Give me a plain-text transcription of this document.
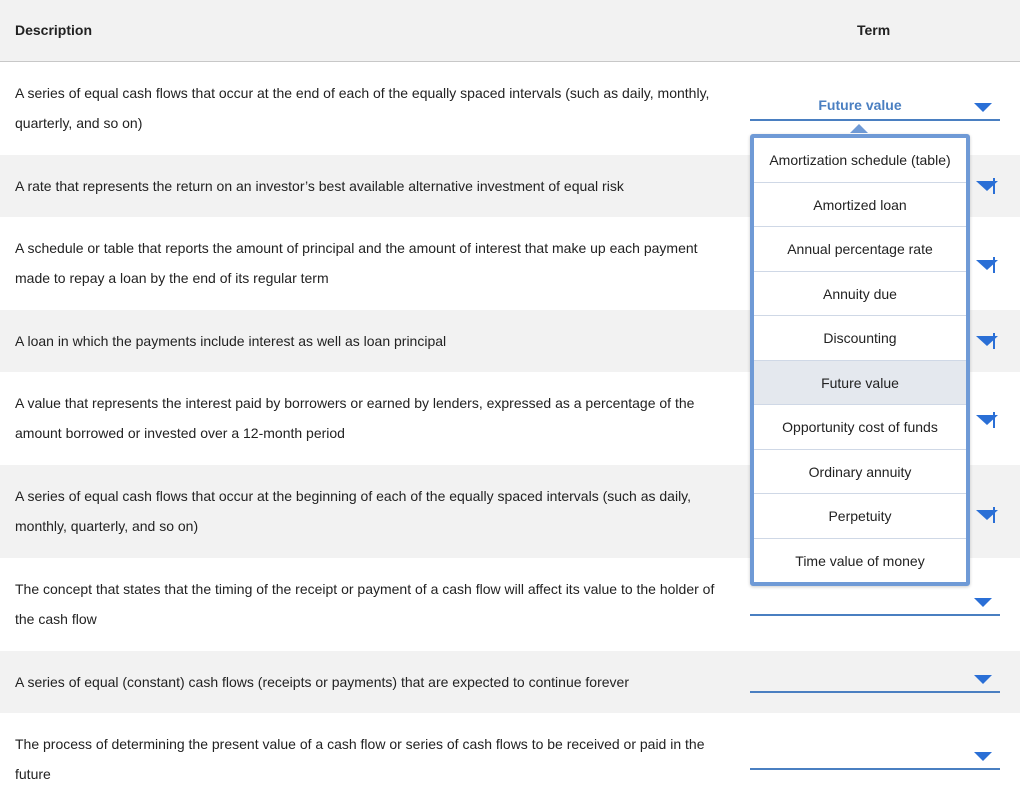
Description	Term
A series of equal cash flows that occur at the end of each of the equally spaced intervals (such as daily, monthly, quarterly, and so on)
Future value
A rate that represents the return on an investor’s best available alternative investment of equal risk
A schedule or table that reports the amount of principal and the amount of interest that make up each payment made to repay a loan by the end of its regular term
A loan in which the payments include interest as well as loan principal
A value that represents the interest paid by borrowers or earned by lenders, expressed as a percentage of the amount borrowed or invested over a 12-month period
A series of equal cash flows that occur at the beginning of each of the equally spaced intervals (such as daily, monthly, quarterly, and so on)
The concept that states that the timing of the receipt or payment of a cash flow will affect its value to the holder of the cash flow
A series of equal (constant) cash flows (receipts or payments) that are expected to continue forever
The process of determining the present value of a cash flow or series of cash flows to be received or paid in the future
Amortization schedule (table)
Amortized loan
Annual percentage rate
Annuity due
Discounting
Future value
Opportunity cost of funds
Ordinary annuity
Perpetuity
Time value of money
